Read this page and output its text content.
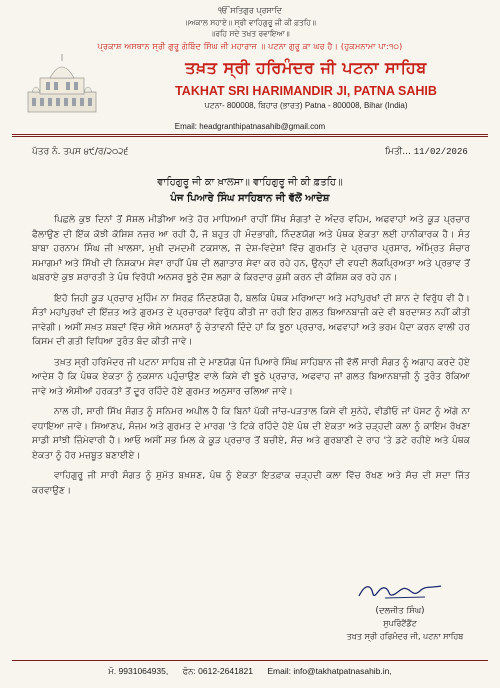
ੴ ਸਤਿਗੁਰ ਪ੍ਰਸਾਦਿ
॥ਅਕਾਲ ਸਹਾਏ॥ ਸ੍ਰੀ ਵਾਹਿਗੁਰੂ ਜੀ ਕੀ ਫ਼ਤਹਿ॥
॥ਰਹਿ ਸਦੇ ਤਖ਼ਤ ਰਵਾਇਆ॥
ਪ੍ਰਕਾਸ਼ ਅਸਥਾਨ ਸ੍ਰੀ ਗੁਰੂ ਗੋਬਿੰਦ ਸਿੰਘ ਜੀ ਮਹਾਰਾਜ ॥ ਪਟਨਾ ਗੁਰੂ ਕਾ ਘਰ ਹੈ। (ਹੁਕਮਨਾਮਾ ਪਾ:੧੦)
ਤਖ਼ਤ ਸ੍ਰੀ ਹਰਿਮੰਦਰ ਜੀ ਪਟਨਾ ਸਾਹਿਬ
TAKHAT SRI HARIMANDIR JI, PATNA SAHIB
ਪਟਨਾ- 800008, ਬਿਹਾਰ (ਭਾਰਤ) Patna - 800008, Bihar (India)
Email: headgranthipatnasahib@gmail.com
ਪੱਤਰ ਨੰ. ਤਪਸ ੪੯/ਰ/੨੦੨੬	ਮਿਤੀ... 11/02/2026
ਵਾਹਿਗੁਰੂ ਜੀ ਕਾ ਖ਼ਾਲਸਾ॥ ਵਾਹਿਗੁਰੂ ਜੀ ਕੀ ਫ਼ਤਹਿ॥
ਪੰਜ ਪਿਆਰੇ ਸਿੰਘ ਸਾਹਿਬਾਨ ਜੀ ਵੱਲੋਂ ਆਦੇਸ਼

ਪਿਛਲੇ ਕੁਝ ਦਿਨਾਂ ਤੋਂ ਸੋਸ਼ਲ ਮੀਡੀਆ ਅਤੇ ਹੋਰ ਮਾਧਿਅਮਾਂ ਰਾਹੀਂ ਸਿੱਖ ਸੰਗਤਾਂ ਦੇ ਅੰਦਰ ਵਹਿਮ, ਅਫਵਾਹਾਂ ਅਤੇ ਕੂੜ ਪ੍ਰਚਾਰ ਫੈਲਾਉਣ ਦੀ ਇੱਕ ਕੋਝੀ ਕੋਸ਼ਿਸ਼ ਨਜ਼ਰ ਆ ਰਹੀ ਹੈ, ਜੋ ਬਹੁਤ ਹੀ ਮੰਦਭਾਗੀ, ਨਿੰਦਣਯੋਗ ਅਤੇ ਪੰਥਕ ਏਕਤਾ ਲਈ ਹਾਨੀਕਾਰਕ ਹੈ। ਸੰਤ ਬਾਬਾ ਹਰਨਾਮ ਸਿੰਘ ਜੀ ਖ਼ਾਲਸਾ, ਮੁਖੀ ਦਮਦਮੀ ਟਕਸਾਲ, ਜੋ ਦੇਸ਼-ਵਿਦੇਸ਼ਾਂ ਵਿੱਚ ਗੁਰਮਤਿ ਦੇ ਪ੍ਰਚਾਰ ਪ੍ਰਸਾਰ, ਅੰਮ੍ਰਿਤ ਸੰਚਾਰ ਸਮਾਗਮਾਂ ਅਤੇ ਸਿੱਖੀ ਦੀ ਨਿਸ਼ਕਾਮ ਸੇਵਾ ਰਾਹੀਂ ਪੰਥ ਦੀ ਲਗਾਤਾਰ ਸੇਵਾ ਕਰ ਰਹੇ ਹਨ, ਉਨ੍ਹਾਂ ਦੀ ਵਧਦੀ ਲੋਕਪ੍ਰਿਅਤਾ ਅਤੇ ਪ੍ਰਭਾਵ ਤੋਂ ਘਬਰਾਏ ਕੁਝ ਸ਼ਰਾਰਤੀ ਤੇ ਪੰਥ ਵਿਰੋਧੀ ਅਨਸਰ ਝੂਠੇ ਦੋਸ਼ ਲਗਾ ਕੇ ਕਿਰਦਾਰ ਕੁਸ਼ੀ ਕਰਨ ਦੀ ਕੋਸ਼ਿਸ਼ ਕਰ ਰਹੇ ਹਨ।

ਇਹੋ ਜਿਹੀ ਕੂੜ ਪ੍ਰਚਾਰ ਮੁਹਿੰਮ ਨਾ ਸਿਰਫ਼ ਨਿੰਦਣਯੋਗ ਹੈ, ਬਲਕਿ ਪੰਥਕ ਮਰਿਆਦਾ ਅਤੇ ਮਹਾਂਪੁਰਖਾਂ ਦੀ ਸ਼ਾਨ ਦੇ ਵਿਰੁੱਧ ਵੀ ਹੈ। ਸੰਤਾਂ ਮਹਾਂਪੁਰਖਾਂ ਦੀ ਇੱਜ਼ਤ ਅਤੇ ਗੁਰਮਤ ਦੇ ਪ੍ਰਚਾਰਕਾਂ ਵਿਰੁੱਧ ਕੀਤੀ ਜਾ ਰਹੀ ਇਹ ਗਲਤ ਬਿਆਨਬਾਜ਼ੀ ਕਦੇ ਵੀ ਬਰਦਾਸ਼ਤ ਨਹੀਂ ਕੀਤੀ ਜਾਵੇਗੀ। ਅਸੀਂ ਸਖ਼ਤ ਸ਼ਬਦਾਂ ਵਿੱਚ ਐਸੇ ਅਨਸਰਾਂ ਨੂੰ ਚੇਤਾਵਨੀ ਦਿੰਦੇ ਹਾਂ ਕਿ ਝੂਠਾ ਪ੍ਰਚਾਰ, ਅਫਵਾਹਾਂ ਅਤੇ ਭਰਮ ਪੈਦਾ ਕਰਨ ਵਾਲੀ ਹਰ ਕਿਸਮ ਦੀ ਗਤੀ ਵਿਧਿਆ ਤੁਰੰਤ ਬੰਦ ਕੀਤੀ ਜਾਵੇ।

ਤਖ਼ਤ ਸ੍ਰੀ ਹਰਿਮੰਦਰ ਜੀ ਪਟਨਾ ਸਾਹਿਬ ਜੀ ਦੇ ਮਾਣਯੋਗ ਪੰਜ ਪਿਆਰੇ ਸਿੰਘ ਸਾਹਿਬਾਨ ਜੀ ਵੱਲੋਂ ਸਾਰੀ ਸੰਗਤ ਨੂੰ ਅਗਾਹ ਕਰਦੇ ਹੋਏ ਆਦੇਸ਼ ਹੈ ਕਿ ਪੰਥਕ ਏਕਤਾ ਨੂੰ ਨੁਕਸਾਨ ਪਹੁੰਚਾਉਣ ਵਾਲੇ ਕਿਸੇ ਵੀ ਝੂਠੇ ਪ੍ਰਚਾਰ, ਅਫਵਾਹ ਜਾਂ ਗਲਤ ਬਿਆਨਬਾਜ਼ੀ ਨੂੰ ਤੁਰੰਤ ਰੋਕਿਆ ਜਾਵੇ ਅਤੇ ਐਸੀਆਂ ਹਰਕਤਾਂ ਤੋਂ ਦੂਰ ਰਹਿੰਦੇ ਹੋਏ ਗੁਰਮਤ ਅਨੁਸਾਰ ਚਲਿਆ ਜਾਵੇ।

ਨਾਲ ਹੀ, ਸਾਰੀ ਸਿੱਖ ਸੰਗਤ ਨੂੰ ਸਨਿਮਰ ਅਪੀਲ ਹੈ ਕਿ ਬਿਨਾਂ ਪੱਕੀ ਜਾਂਚ-ਪੜਤਾਲ ਕਿਸੇ ਵੀ ਸੁਨੇਹੇ, ਵੀਡੀਓ ਜਾਂ ਪੋਸਟ ਨੂੰ ਅੱਗੇ ਨਾ ਵਧਾਇਆ ਜਾਵੇ। ਸਿਆਣਪ, ਸੰਜਮ ਅਤੇ ਗੁਰਮਤ ਦੇ ਮਾਰਗ 'ਤੇ ਟਿਕੇ ਰਹਿੰਦੇ ਹੋਏ ਪੰਥ ਦੀ ਏਕਤਾ ਅਤੇ ਚੜ੍ਹਦੀ ਕਲਾ ਨੂੰ ਕਾਇਮ ਰੱਖਣਾ ਸਾਡੀ ਸਾਂਝੀ ਜ਼ਿੰਮੇਵਾਰੀ ਹੈ। ਆਓ ਅਸੀਂ ਸਭ ਮਿਲ ਕੇ ਕੂੜ ਪ੍ਰਚਾਰ ਤੋਂ ਬਚੀਏ, ਸੱਚ ਅਤੇ ਗੁਰਬਾਣੀ ਦੇ ਰਾਹ 'ਤੇ ਡਟੇ ਰਹੀਏ ਅਤੇ ਪੰਥਕ ਏਕਤਾ ਨੂੰ ਹੋਰ ਮਜ਼ਬੂਤ ਬਣਾਈਏ।

ਵਾਹਿਗੁਰੂ ਜੀ ਸਾਰੀ ਸੰਗਤ ਨੂੰ ਸੁਮੱਤ ਬਖ਼ਸ਼ਣ, ਪੰਥ ਨੂੰ ਏਕਤਾ ਇਤਫ਼ਾਕ ਚੜ੍ਹਦੀ ਕਲਾ ਵਿੱਚ ਰੱਖਣ ਅਤੇ ਸੱਚ ਦੀ ਸਦਾ ਜਿੱਤ ਕਰਵਾਉਣ।

(ਦਲਜੀਤ ਸਿੰਘ)
ਸੁਪਰਿੰਟੈਂਡੈਂਟ
ਤਖ਼ਤ ਸ੍ਰੀ ਹਰਿਮੰਦਰ ਜੀ, ਪਟਨਾ ਸਾਹਿਬ
ਮੋ. 9931064935, ਫੋਨ: 0612-2641821 Email: info@takhatpatnasahib.in,
